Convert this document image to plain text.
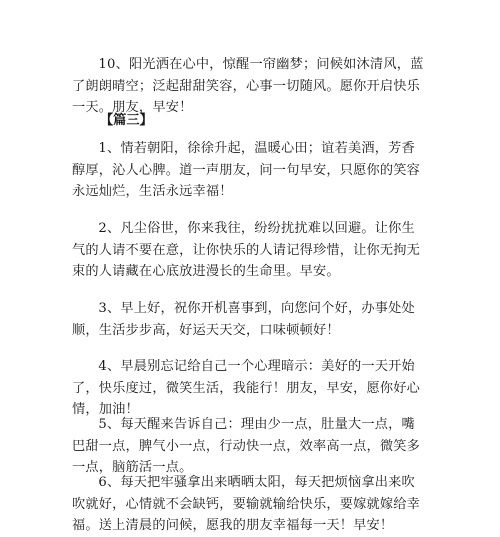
10、阳光洒在心中，惊醒一帘幽梦；问候如沐清风，蓝了朗朗晴空；泛起甜甜笑容，心事一切随风。愿你开启快乐一天。朋友，早安！

【篇三】

1、情若朝阳，徐徐升起，温暖心田；谊若美酒，芳香醇厚，沁人心脾。道一声朋友，问一句早安，只愿你的笑容永远灿烂，生活永远幸福！

2、凡尘俗世，你来我往，纷纷扰扰难以回避。让你生气的人请不要在意，让你快乐的人请记得珍惜，让你无拘无束的人请藏在心底放进漫长的生命里。早安。

3、早上好，祝你开机喜事到，向您问个好，办事处处顺，生活步步高，好运天天交，口味顿顿好！

4、早晨别忘记给自己一个心理暗示：美好的一天开始了，快乐度过，微笑生活，我能行！朋友，早安，愿你好心情，加油！

5、每天醒来告诉自己：理由少一点，肚量大一点，嘴巴甜一点，脾气小一点，行动快一点，效率高一点，微笑多一点，脑筋活一点。

6、每天把牢骚拿出来晒晒太阳，每天把烦恼拿出来吹吹就好，心情就不会缺钙，要输就输给快乐，要嫁就嫁给幸福。送上清晨的问候，愿我的朋友幸福每一天！早安！
